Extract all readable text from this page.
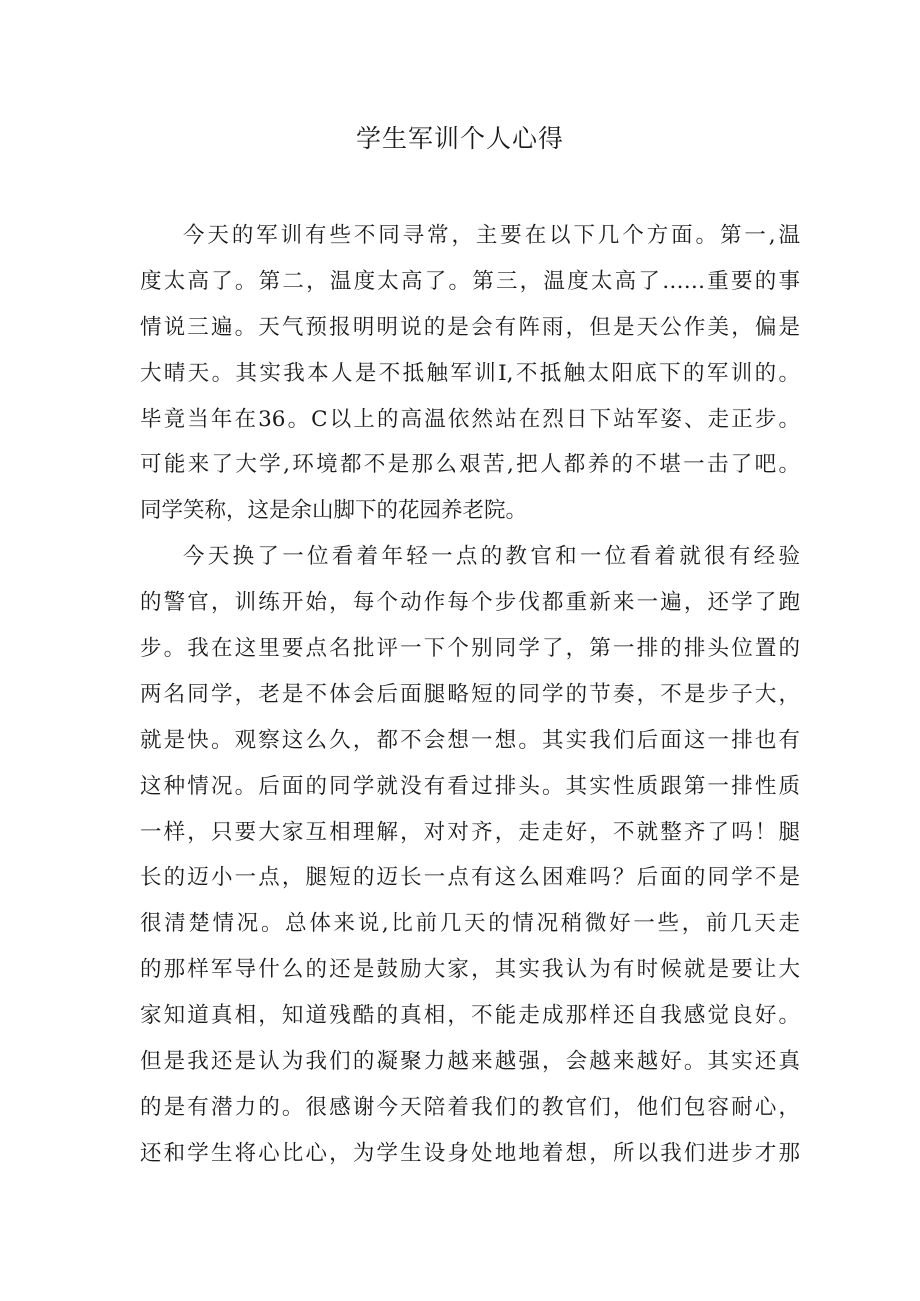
学生军训个人心得
今天的军训有些不同寻常，主要在以下几个方面。第一,温
度太高了。第二，温度太高了。第三，温度太高了……重要的事
情说三遍。天气预报明明说的是会有阵雨，但是天公作美，偏是
大晴天。其实我本人是不抵触军训I,不抵触太阳底下的军训的。
毕竟当年在36。C以上的高温依然站在烈日下站军姿、走正步。
可能来了大学,环境都不是那么艰苦,把人都养的不堪一击了吧。
同学笑称，这是余山脚下的花园养老院。
今天换了一位看着年轻一点的教官和一位看着就很有经验
的警官，训练开始，每个动作每个步伐都重新来一遍，还学了跑
步。我在这里要点名批评一下个别同学了，第一排的排头位置的
两名同学，老是不体会后面腿略短的同学的节奏，不是步子大，
就是快。观察这么久，都不会想一想。其实我们后面这一排也有
这种情况。后面的同学就没有看过排头。其实性质跟第一排性质
一样，只要大家互相理解，对对齐，走走好，不就整齐了吗！腿
长的迈小一点，腿短的迈长一点有这么困难吗？后面的同学不是
很清楚情况。总体来说,比前几天的情况稍微好一些，前几天走
的那样军导什么的还是鼓励大家，其实我认为有时候就是要让大
家知道真相，知道残酷的真相，不能走成那样还自我感觉良好。
但是我还是认为我们的凝聚力越来越强，会越来越好。其实还真
的是有潜力的。很感谢今天陪着我们的教官们，他们包容耐心，
还和学生将心比心，为学生设身处地地着想，所以我们进步才那
